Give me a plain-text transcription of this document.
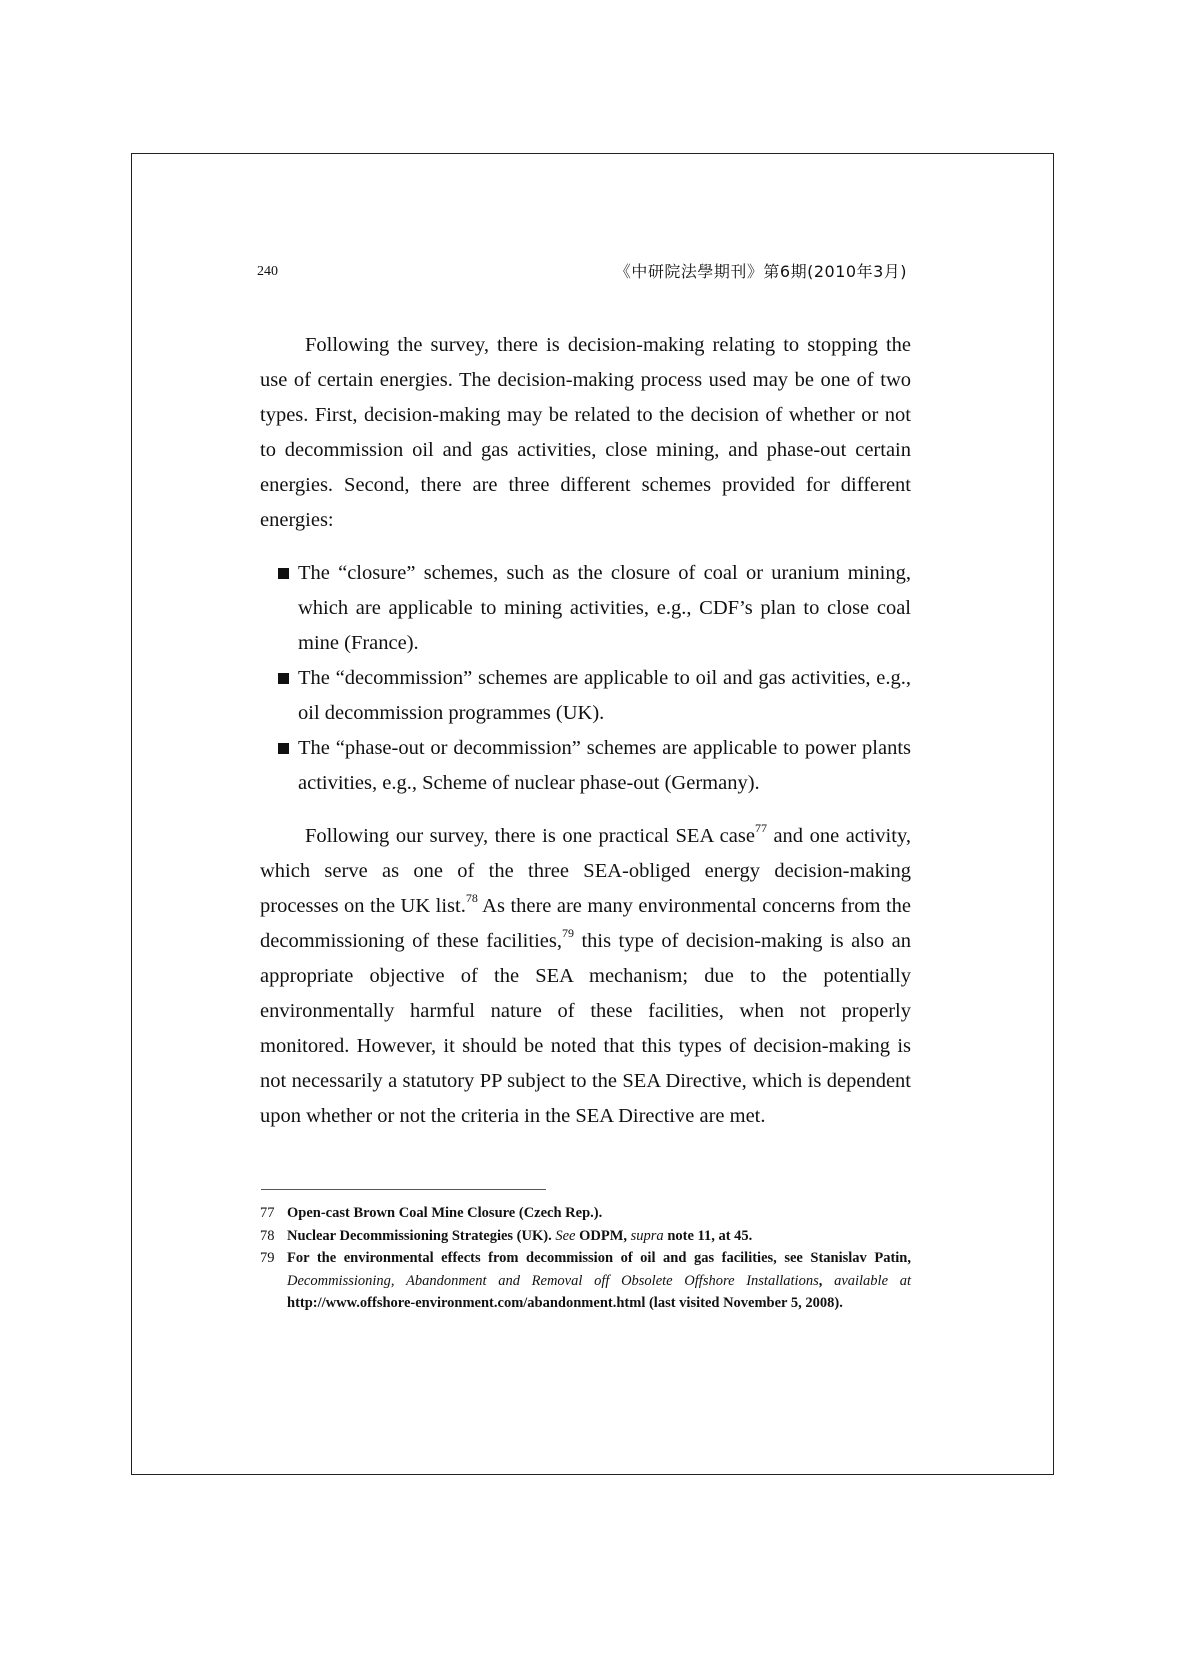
240	《中研院法學期刊》第6期(2010年3月)

Following the survey, there is decision-making relating to stopping the use of certain energies. The decision-making process used may be one of two types. First, decision-making may be related to the decision of whether or not to decommission oil and gas activities, close mining, and phase-out certain energies. Second, there are three different schemes provided for different energies:

The “closure” schemes, such as the closure of coal or uranium mining, which are applicable to mining activities, e.g., CDF’s plan to close coal mine (France).
The “decommission” schemes are applicable to oil and gas activities, e.g., oil decommission programmes (UK).
The “phase-out or decommission” schemes are applicable to power plants activities, e.g., Scheme of nuclear phase-out (Germany).

Following our survey, there is one practical SEA case$^{77}$ and one activity, which serve as one of the three SEA-obliged energy decision-making processes on the UK list.$^{78}$ As there are many environmental concerns from the decommissioning of these facilities,$^{79}$ this type of decision-making is also an appropriate objective of the SEA mechanism; due to the potentially environmentally harmful nature of these facilities, when not properly monitored. However, it should be noted that this types of decision-making is not necessarily a statutory PP subject to the SEA Directive, which is dependent upon whether or not the criteria in the SEA Directive are met.

77 Open-cast Brown Coal Mine Closure (Czech Rep.).
78 Nuclear Decommissioning Strategies (UK). See ODPM, supra note 11, at 45.
79 For the environmental effects from decommission of oil and gas facilities, see Stanislav Patin, Decommissioning, Abandonment and Removal off Obsolete Offshore Installations, available at http://www.offshore-environment.com/abandonment.html (last visited November 5, 2008).
